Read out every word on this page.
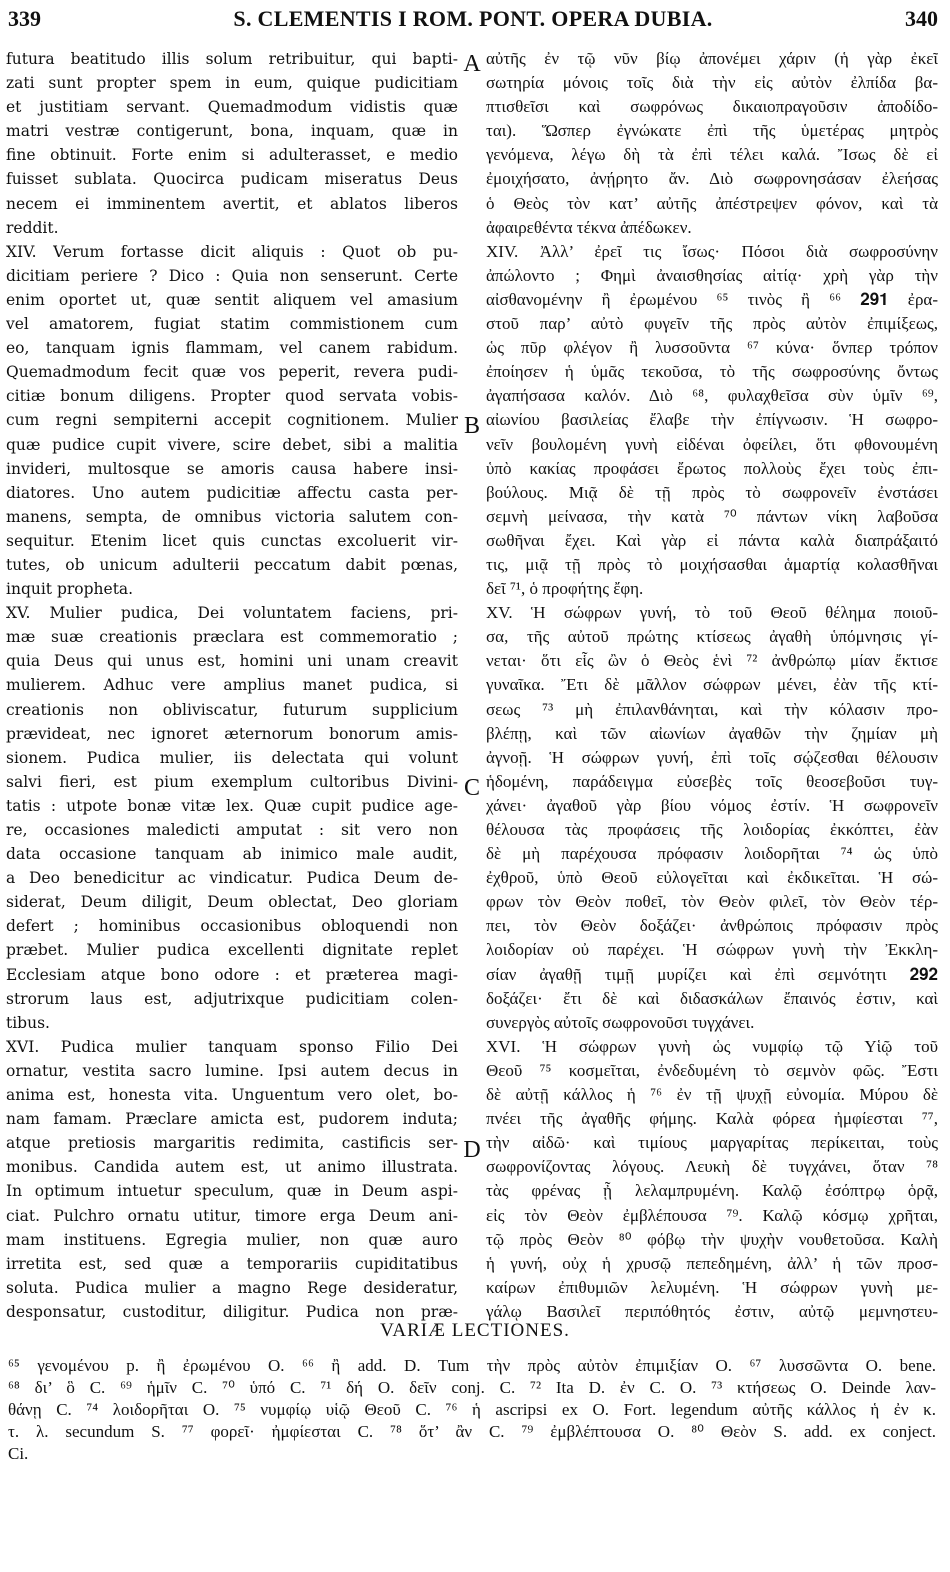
339	S. CLEMENTIS I ROM. PONT. OPERA DUBIA.	340
futura beatitudo illis solum retribuitur, qui bapti-
zati sunt propter spem in eum, quique pudicitiam
et justitiam servant. Quemadmodum vidistis quæ
matri vestræ contigerunt, bona, inquam, quæ in
fine obtinuit. Forte enim si adulterasset, e medio
fuisset sublata. Quocirca pudicam miseratus Deus
necem ei imminentem avertit, et ablatos liberos
reddit.
XIV. Verum fortasse dicit aliquis : Quot ob pu-
dicitiam periere ? Dico : Quia non senserunt. Certe
enim oportet ut, quæ sentit aliquem vel amasium
vel amatorem, fugiat statim commistionem cum
eo, tanquam ignis flammam, vel canem rabidum.
Quemadmodum fecit quæ vos peperit, revera pudi-
citiæ bonum diligens. Propter quod servata vobis-
cum regni sempiterni accepit cognitionem. Mulier
quæ pudice cupit vivere, scire debet, sibi a malitia
invideri, multosque se amoris causa habere insi-
diatores. Uno autem pudicitiæ affectu casta per-
manens, sempta, de omnibus victoria salutem con-
sequitur. Etenim licet quis cunctas excoluerit vir-
tutes, ob unicum adulterii peccatum dabit pœnas,
inquit propheta.
XV. Mulier pudica, Dei voluntatem faciens, pri-
mæ suæ creationis præclara est commemoratio ;
quia Deus qui unus est, homini uni unam creavit
mulierem. Adhuc vere amplius manet pudica, si
creationis non obliviscatur, futurum supplicium
prævideat, nec ignoret æternorum bonorum amis-
sionem. Pudica mulier, iis delectata qui volunt
salvi fieri, est pium exemplum cultoribus Divini-
tatis : utpote bonæ vitæ lex. Quæ cupit pudice age-
re, occasiones maledicti amputat : sit vero non
data occasione tanquam ab inimico male audit,
a Deo benedicitur ac vindicatur. Pudica Deum de-
siderat, Deum diligit, Deum oblectat, Deo gloriam
defert ; hominibus occasionibus obloquendi non
præbet. Mulier pudica excellenti dignitate replet
Ecclesiam atque bono odore : et præterea magi-
strorum laus est, adjutrixque pudicitiam colen-
tibus.
XVI. Pudica mulier tanquam sponso Filio Dei
ornatur, vestita sacro lumine. Ipsi autem decus in
anima est, honesta vita. Unguentum vero olet, bo-
nam famam. Præclare amicta est, pudorem induta;
atque pretiosis margaritis redimita, castificis ser-
monibus. Candida autem est, ut animo illustrata.
In optimum intuetur speculum, quæ in Deum aspi-
ciat. Pulchro ornatu utitur, timore erga Deum ani-
mam instituens. Egregia mulier, non quæ auro
irretita est, sed quæ a temporariis cupiditatibus
soluta. Pudica mulier a magno Rege desideratur,
desponsatur, custoditur, diligitur. Pudica non præ-
A
B
C
D
αὐτῆς ἐν τῷ νῦν βίῳ ἀπονέμει χάριν (ἡ γὰρ ἐκεῖ
σωτηρία μόνοις τοῖς διὰ τὴν εἰς αὐτὸν ἐλπίδα βα-
πτισθεῖσι καὶ σωφρόνως δικαιοπραγοῦσιν ἀποδίδο-
ται). Ὥσπερ ἐγνώκατε ἐπὶ τῆς ὑμετέρας μητρὸς
γενόμενα, λέγω δὴ τὰ ἐπὶ τέλει καλά. Ἴσως δὲ εἰ
ἐμοιχήσατο, ἀνῄρητο ἄν. Διὸ σωφρονησάσαν ἐλεήσας
ὁ Θεὸς τὸν κατ’ αὐτῆς ἀπέστρεψεν φόνον, καὶ τὰ
ἀφαιρεθέντα τέκνα ἀπέδωκεν.
XIV. Ἀλλ’ ἐρεῖ τις ἴσως· Πόσοι διὰ σωφροσύνην
ἀπώλοντο ; Φημὶ ἀναισθησίας αἰτίᾳ· χρὴ γὰρ τὴν
αἰσθανομένην ἢ ἐρωμένου ⁶⁵ τινὸς ἢ ⁶⁶ 𝟐𝟗𝟏 ἐρα-
στοῦ παρ’ αὐτὸ φυγεῖν τῆς πρὸς αὐτὸν ἐπιμίξεως,
ὡς πῦρ φλέγον ἢ λυσσοῦντα ⁶⁷ κύνα· ὅνπερ τρόπον
ἐποίησεν ἡ ὑμᾶς τεκοῦσα, τὸ τῆς σωφροσύνης ὄντως
ἀγαπήσασα καλόν. Διὸ ⁶⁸, φυλαχθεῖσα σὺν ὑμῖν ⁶⁹,
αἰωνίου βασιλείας ἔλαβε τὴν ἐπίγνωσιν. Ἡ σωφρο-
νεῖν βουλομένη γυνὴ εἰδέναι ὀφείλει, ὅτι φθονουμένη
ὑπὸ κακίας προφάσει ἔρωτος πολλοὺς ἔχει τοὺς ἐπι-
βούλους. Μιᾷ δὲ τῇ πρὸς τὸ σωφρονεῖν ἐνστάσει
σεμνὴ μείνασα, τὴν κατὰ ⁷⁰ πάντων νίκη λαβοῦσα
σωθῆναι ἔχει. Καὶ γὰρ εἰ πάντα καλὰ διαπράξαιτό
τις, μιᾷ τῇ πρὸς τὸ μοιχήσασθαι ἁμαρτίᾳ κολασθῆναι
δεῖ ⁷¹, ὁ προφήτης ἔφη.
XV. Ἡ σώφρων γυνή, τὸ τοῦ Θεοῦ θέλημα ποιοῦ-
σα, τῆς αὐτοῦ πρώτης κτίσεως ἀγαθὴ ὑπόμνησις γί-
νεται· ὅτι εἷς ὢν ὁ Θεὸς ἑνὶ ⁷² ἀνθρώπῳ μίαν ἔκτισε
γυναῖκα. Ἔτι δὲ μᾶλλον σώφρων μένει, ἐὰν τῆς κτί-
σεως ⁷³ μὴ ἐπιλανθάνηται, καὶ τὴν κόλασιν προ-
βλέπῃ, καὶ τῶν αἰωνίων ἀγαθῶν τὴν ζημίαν μὴ
ἀγνοῇ. Ἡ σώφρων γυνή, ἐπὶ τοῖς σῴζεσθαι θέλουσιν
ἡδομένη, παράδειγμα εὐσεβὲς τοῖς θεοσεβοῦσι τυγ-
χάνει· ἀγαθοῦ γὰρ βίου νόμος ἐστίν. Ἡ σωφρονεῖν
θέλουσα τὰς προφάσεις τῆς λοιδορίας ἐκκόπτει, ἐὰν
δὲ μὴ παρέχουσα πρόφασιν λοιδορῆται ⁷⁴ ὡς ὑπὸ
ἐχθροῦ, ὑπὸ Θεοῦ εὐλογεῖται καὶ ἐκδικεῖται. Ἡ σώ-
φρων τὸν Θεὸν ποθεῖ, τὸν Θεὸν φιλεῖ, τὸν Θεὸν τέρ-
πει, τὸν Θεὸν δοξάζει· ἀνθρώποις πρόφασιν πρὸς
λοιδορίαν οὐ παρέχει. Ἡ σώφρων γυνὴ τὴν Ἐκκλη-
σίαν ἀγαθῇ τιμῇ μυρίζει καὶ ἐπὶ σεμνότητι 𝟐𝟗𝟐
δοξάζει· ἔτι δὲ καὶ διδασκάλων ἔπαινός ἐστιν, καὶ
συνεργὸς αὐτοῖς σωφρονοῦσι τυγχάνει.
XVI. Ἡ σώφρων γυνὴ ὡς νυμφίῳ τῷ Υἱῷ τοῦ
Θεοῦ ⁷⁵ κοσμεῖται, ἐνδεδυμένη τὸ σεμνὸν φῶς. Ἔστι
δὲ αὐτῇ κάλλος ἡ ⁷⁶ ἐν τῇ ψυχῇ εὐνομία. Μύρου δὲ
πνέει τῆς ἀγαθῆς φήμης. Καλὰ φόρεα ἠμφίεσται ⁷⁷,
τὴν αἰδῶ· καὶ τιμίους μαργαρίτας περίκειται, τοὺς
σωφρονίζοντας λόγους. Λευκὴ δὲ τυγχάνει, ὅταν ⁷⁸
τὰς φρένας ᾖ λελαμπρυμένη. Καλῷ ἐσόπτρῳ ὁρᾷ,
εἰς τὸν Θεὸν ἐμβλέπουσα ⁷⁹. Καλῷ κόσμῳ χρῆται,
τῷ πρὸς Θεὸν ⁸⁰ φόβῳ τὴν ψυχὴν νουθετοῦσα. Καλὴ
ἡ γυνή, οὐχ ἡ χρυσῷ πεπεδημένη, ἀλλ’ ἡ τῶν προσ-
καίρων ἐπιθυμιῶν λελυμένη. Ἡ σώφρων γυνὴ με-
γάλῳ Βασιλεῖ περιπόθητός ἐστιν, αὐτῷ μεμνηστευ-
VARIÆ LECTIONES.
⁶⁵ γενομένου p. ἢ ἐρωμένου O. ⁶⁶ ἢ add. D. Tum τὴν πρὸς αὐτὸν ἐπιμιξίαν O. ⁶⁷ λυσσῶντα O. bene.
⁶⁸ δι’ ὃ C. ⁶⁹ ἡμῖν C. ⁷⁰ ὑπό C. ⁷¹ δή O. δεῖν conj. C. ⁷² Ita D. ἐν C. O. ⁷³ κτήσεως O. Deinde λαν-
θάνῃ C. ⁷⁴ λοιδορῆται O. ⁷⁵ νυμφίῳ υἱῷ Θεοῦ C. ⁷⁶ ἡ ascripsi ex O. Fort. legendum αὐτῆς κάλλος ἡ ἐν κ.
τ. λ. secundum S. ⁷⁷ φορεῖ· ἠμφίεσται C. ⁷⁸ ὅτ’ ἂν C. ⁷⁹ ἐμβλέπτουσα O. ⁸⁰ Θεὸν S. add. ex conject.
Ci.
